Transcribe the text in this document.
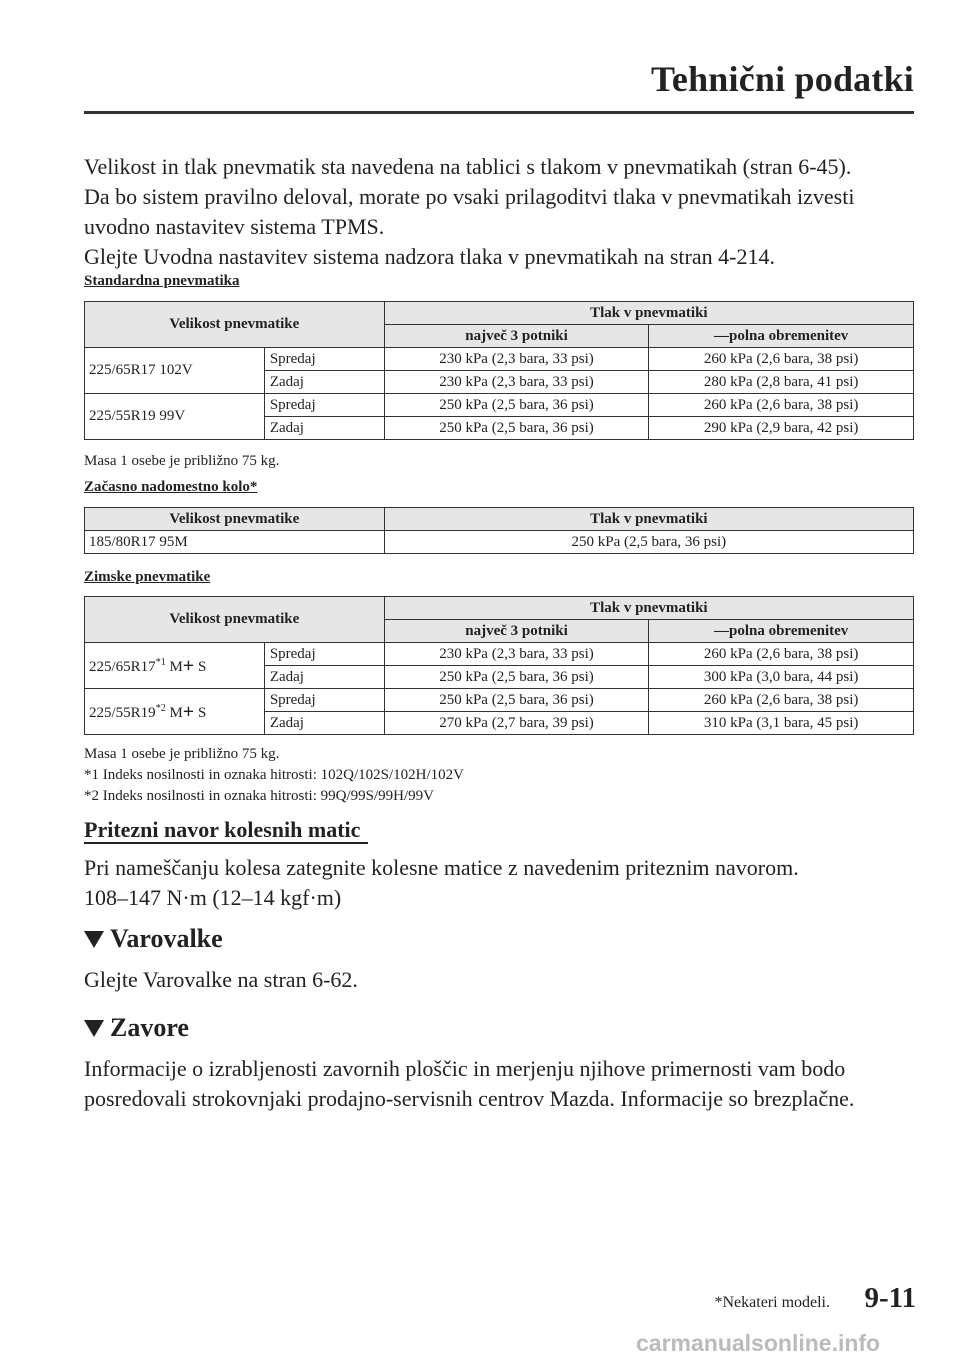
Tehnični podatki

Velikost in tlak pnevmatik sta navedena na tablici s tlakom v pnevmatikah (stran 6-45).

Da bo sistem pravilno deloval, morate po vsaki prilagoditvi tlaka v pnevmatikah izvesti

uvodno nastavitev sistema TPMS.

Glejte Uvodna nastavitev sistema nadzora tlaka v pnevmatikah na stran 4-214.

Standardna pnevmatika
Velikost pnevmatike		Tlak v pnevmatiki	
		največ 3 potniki	—polna obremenitev
225/65R17 102V	Spredaj	230 kPa (2,3 bara, 33 psi)	260 kPa (2,6 bara, 38 psi)
	Zadaj	230 kPa (2,3 bara, 33 psi)	280 kPa (2,8 bara, 41 psi)
225/55R19 99V	Spredaj	250 kPa (2,5 bara, 36 psi)	260 kPa (2,6 bara, 38 psi)
	Zadaj	250 kPa (2,5 bara, 36 psi)	290 kPa (2,9 bara, 42 psi)
Masa 1 osebe je približno 75 kg.
Začasno nadomestno kolo*
Velikost pnevmatike	Tlak v pnevmatiki
185/80R17 95M	250 kPa (2,5 bara, 36 psi)
Zimske pnevmatike
Velikost pnevmatike		Tlak v pnevmatiki	
		največ 3 potniki	—polna obremenitev
225/65R17$^{*1}$ M+ S	Spredaj	230 kPa (2,3 bara, 33 psi)	260 kPa (2,6 bara, 38 psi)
	Zadaj	250 kPa (2,5 bara, 36 psi)	300 kPa (3,0 bara, 44 psi)
225/55R19$^{*2}$ M+ S	Spredaj	250 kPa (2,5 bara, 36 psi)	260 kPa (2,6 bara, 38 psi)
	Zadaj	270 kPa (2,7 bara, 39 psi)	310 kPa (3,1 bara, 45 psi)
Masa 1 osebe je približno 75 kg.
*1 Indeks nosilnosti in oznaka hitrosti: 102Q/102S/102H/102V
*2 Indeks nosilnosti in oznaka hitrosti: 99Q/99S/99H/99V
Pritezni navor kolesnih matic

Pri nameščanju kolesa zategnite kolesne matice z navedenim priteznim navorom.

108–147 N·m (12–14 kgf·m)

Varovalke
Glejte Varovalke na stran 6-62.
Zavore

Informacije o izrabljenosti zavornih ploščic in merjenju njihove primernosti vam bodo

posredovali strokovnjaki prodajno-servisnih centrov Mazda. Informacije so brezplačne.

*Nekateri modeli. 9-11
carmanualsonline.info
